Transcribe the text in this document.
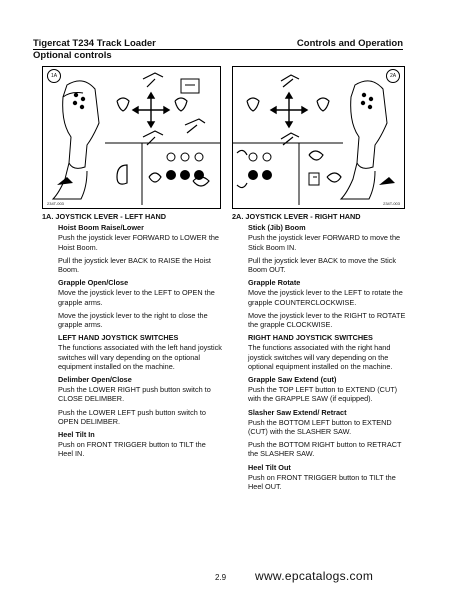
Tigercat T234 Track Loader	Controls and Operation
Optional controls
1A
234T-003
2A
234T-003
1A. JOYSTICK LEVER - LEFT HAND
Hoist Boom Raise/Lower
Push the joystick lever FORWARD to LOWER the Hoist Boom.
Pull the joystick lever BACK to RAISE the Hoist Boom.
Grapple Open/Close
Move the joystick lever to the LEFT to OPEN the grapple arms.
Move the joystick lever to the right to close the grapple arms.
LEFT HAND JOYSTICK SWITCHES
The functions associated with the left hand joystick switches will vary depending on the optional equipment installed on the machine.
Delimber Open/Close
Push the LOWER RIGHT push button switch to CLOSE DELIMBER.
Push the LOWER LEFT push button switch to OPEN DELIMBER.
Heel Tilt In
Push on FRONT TRIGGER button to TILT the Heel IN.
2A. JOYSTICK LEVER - RIGHT HAND
Stick (Jib) Boom
Push the joystick lever FORWARD to move the Stick Boom IN.
Pull the joystick lever BACK to move the Stick Boom OUT.
Grapple Rotate
Move the joystick lever to the LEFT to rotate the grapple COUNTERCLOCKWISE.
Move the joystick lever to the RIGHT to ROTATE the grapple CLOCKWISE.
RIGHT HAND JOYSTICK SWITCHES
The functions associated with the right hand joystick switches will vary depending on the optional equipment installed on the machine.
Grapple Saw Extend (cut)
Push the TOP LEFT button to EXTEND (CUT) with the GRAPPLE SAW (if equipped).
Slasher Saw Extend/ Retract
Push the BOTTOM LEFT button to EXTEND (CUT) with the SLASHER SAW.
Push the BOTTOM RIGHT button to RETRACT the SLASHER SAW.
Heel Tilt Out
Push on FRONT TRIGGER button to TILT the Heel OUT.
2.9 www.epcatalogs.com
